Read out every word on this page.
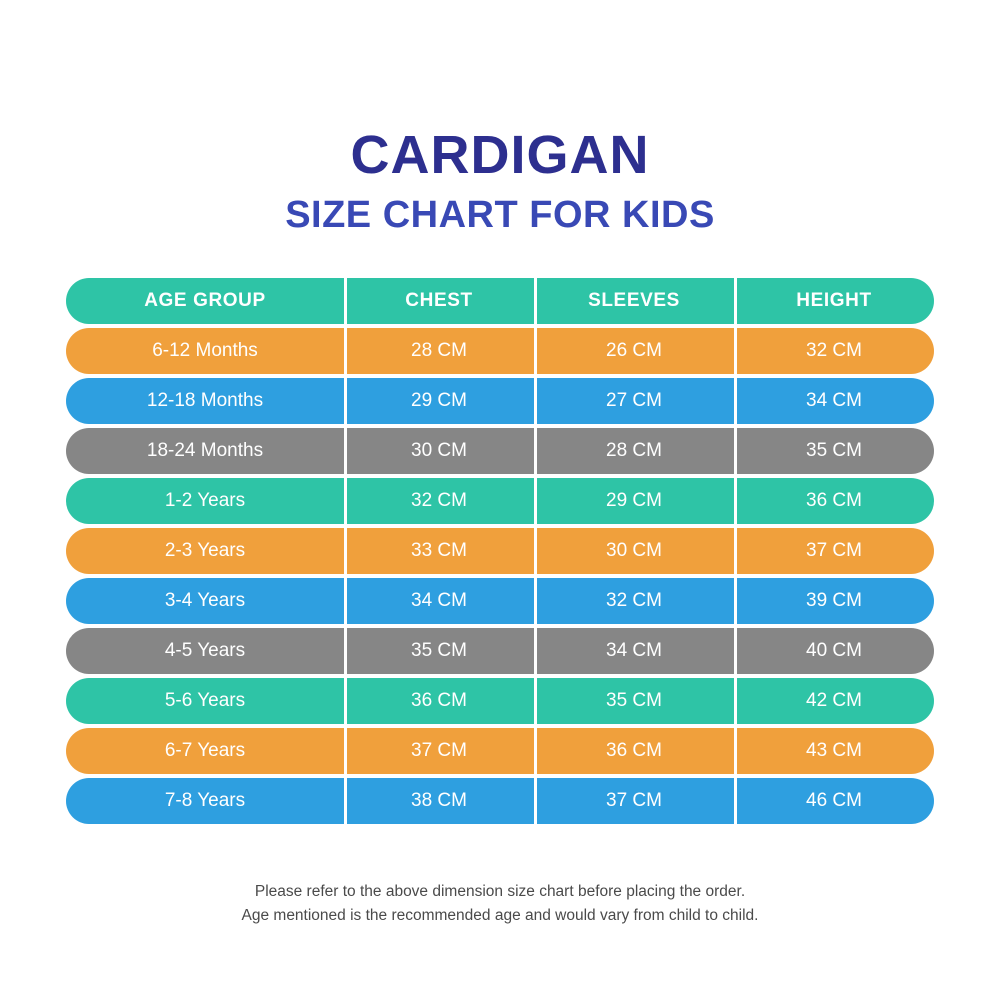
CARDIGAN
SIZE CHART FOR KIDS
AGE GROUP	CHEST	SLEEVES	HEIGHT
6-12 Months	28 CM	26 CM	32 CM
12-18 Months	29 CM	27 CM	34 CM
18-24 Months	30 CM	28 CM	35 CM
1-2 Years	32 CM	29 CM	36 CM
2-3 Years	33 CM	30 CM	37 CM
3-4 Years	34 CM	32 CM	39 CM
4-5 Years	35 CM	34 CM	40 CM
5-6 Years	36 CM	35 CM	42 CM
6-7 Years	37 CM	36 CM	43 CM
7-8 Years	38 CM	37 CM	46 CM
Please refer to the above dimension size chart before placing the order.
Age mentioned is the recommended age and would vary from child to child.
